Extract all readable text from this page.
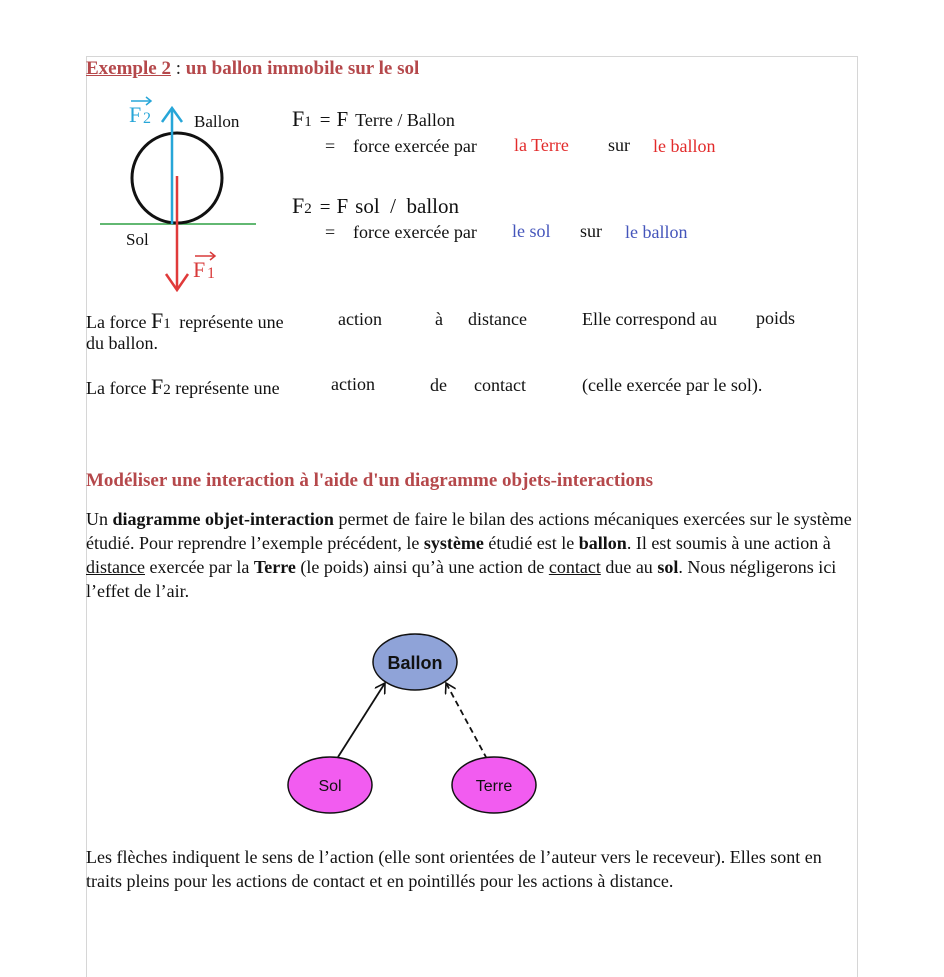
Exemple 2 : un ballon immobile sur le sol
Ballon
Sol
F 2
F 1
F1 = F Terre / Ballon
= force exercée par la Terre sur le ballon
F2 = F sol  /  ballon
= force exercée par le sol sur le ballon
La force F1 représente une	action	à distance	Elle correspond au poids
du ballon.
La force F2 représente une	action	de contact	(celle exercée par le sol).
Modéliser une interaction à l'aide d'un diagramme objets-interactions
Un diagramme objet-interaction permet de faire le bilan des actions mécaniques exercées sur le système étudié. Pour reprendre l’exemple précédent, le système étudié est le ballon. Il est soumis à une action à distance exercée par la Terre (le poids) ainsi qu’à une action de contact due au sol. Nous négligerons ici l’effet de l’air.
Ballon
Sol	Terre
Les flèches indiquent le sens de l’action (elle sont orientées de l’auteur vers le receveur). Elles sont en traits pleins pour les actions de contact et en pointillés pour les actions à distance.
